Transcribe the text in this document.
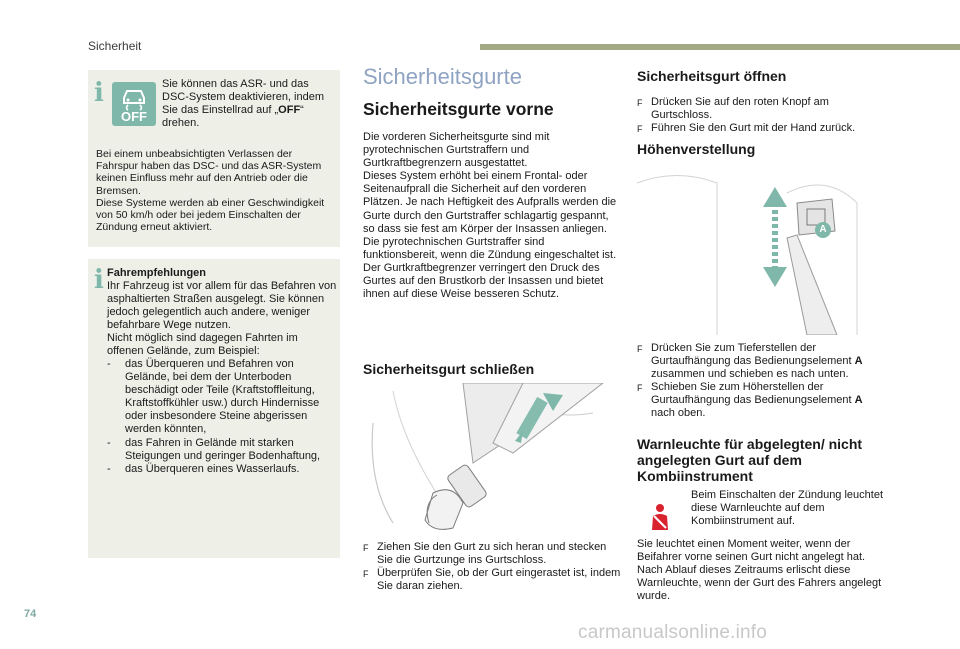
Sicherheit
i
OFF

Sie können das ASR- und das DSC-System deaktivieren, indem Sie das Einstellrad auf „OFF“ drehen.

Bei einem unbeabsichtigten Verlassen der Fahrspur haben das DSC- und das ASR-System keinen Einfluss mehr auf den Antrieb oder die Bremsen.

Diese Systeme werden ab einer Geschwindigkeit von 50 km/h oder bei jedem Einschalten der Zündung erneut aktiviert.

i Fahrempfehlungen

Ihr Fahrzeug ist vor allem für das Befahren von asphaltierten Straßen ausgelegt. Sie können jedoch gelegentlich auch andere, weniger befahrbare Wege nutzen.

Nicht möglich sind dagegen Fahrten im offenen Gelände, zum Beispiel:

-	das Überqueren und Befahren von Gelände, bei dem der Unterboden beschädigt oder Teile (Kraftstoffleitung, Kraftstoffkühler usw.) durch Hindernisse oder insbesondere Steine abgerissen werden könnten,
-	das Fahren in Gelände mit starken Steigungen und geringer Bodenhaftung,
-	das Überqueren eines Wasserlaufs.
Sicherheitsgurte
Sicherheitsgurte vorne

Die vorderen Sicherheitsgurte sind mit pyrotechnischen Gurtstraffern und Gurtkraftbegrenzern ausgestattet.

Dieses System erhöht bei einem Frontal- oder Seitenaufprall die Sicherheit auf den vorderen Plätzen. Je nach Heftigkeit des Aufpralls werden die Gurte durch den Gurtstraffer schlagartig gespannt, so dass sie fest am Körper der Insassen anliegen.

Die pyrotechnischen Gurtstraffer sind funktionsbereit, wenn die Zündung eingeschaltet ist.

Der Gurtkraftbegrenzer verringert den Druck des Gurtes auf den Brustkorb der Insassen und bietet ihnen auf diese Weise besseren Schutz.

Sicherheitsgurt schließen
F Ziehen Sie den Gurt zu sich heran und stecken Sie die Gurtzunge ins Gurtschloss.
F Überprüfen Sie, ob der Gurt eingerastet ist, indem Sie daran ziehen.
Sicherheitsgurt öffnen
F Drücken Sie auf den roten Knopf am Gurtschloss.
F Führen Sie den Gurt mit der Hand zurück.
Höhenverstellung
A
F Drücken Sie zum Tieferstellen der Gurtaufhängung das Bedienungselement A zusammen und schieben es nach unten.
F Schieben Sie zum Höherstellen der Gurtaufhängung das Bedienungselement A nach oben.
Warnleuchte für abgelegten/ nicht angelegten Gurt auf dem Kombiinstrument

Beim Einschalten der Zündung leuchtet diese Warnleuchte auf dem Kombiinstrument auf.

Sie leuchtet einen Moment weiter, wenn der Beifahrer vorne seinen Gurt nicht angelegt hat. Nach Ablauf dieses Zeitraums erlischt diese Warnleuchte, wenn der Gurt des Fahrers angelegt wurde.

74
carmanualsonline.info
